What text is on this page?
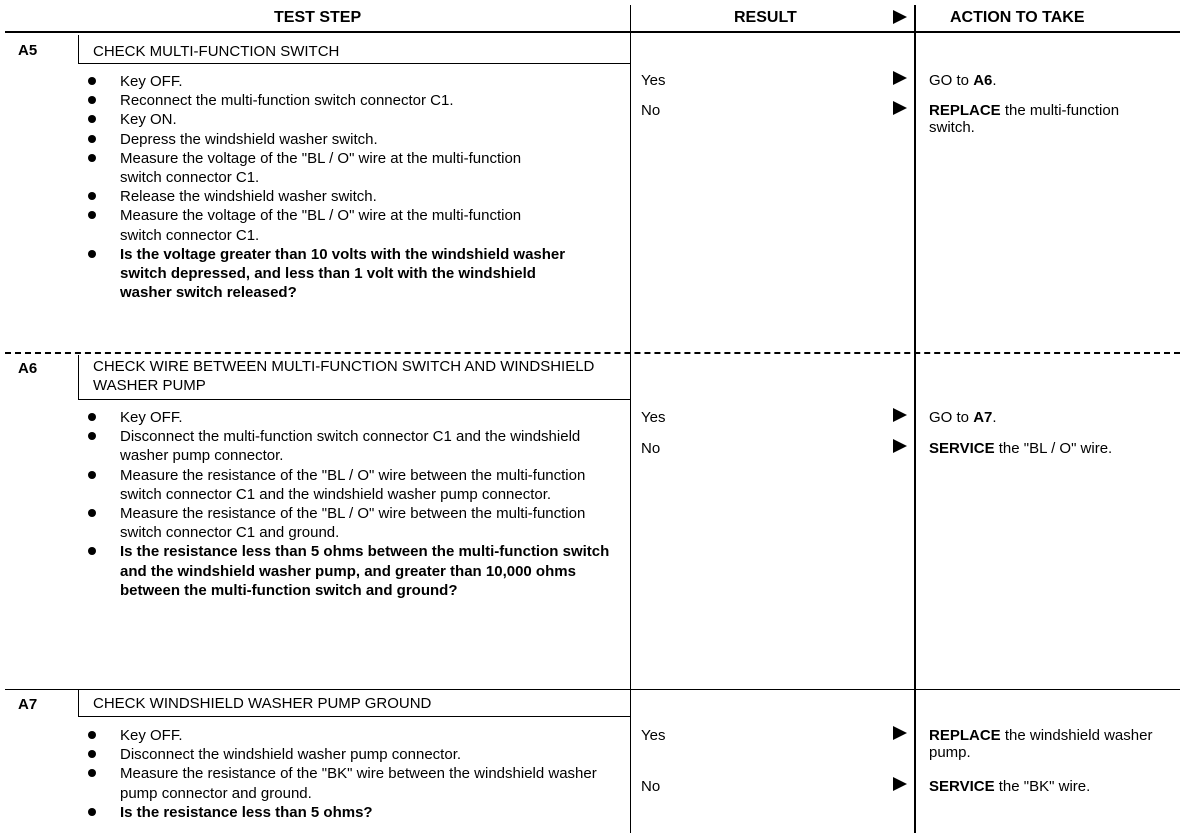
TEST STEP	RESULT	ACTION TO TAKE
A5	CHECK MULTI-FUNCTION SWITCH
Key OFF.
Reconnect the multi-function switch connector C1.
Key ON.
Depress the windshield washer switch.
Measure the voltage of the "BL / O" wire at the multi-function switch connector C1.
Release the windshield washer switch.
Measure the voltage of the "BL / O" wire at the multi-function switch connector C1.
Is the voltage greater than 10 volts with the windshield washer switch depressed, and less than 1 volt with the windshield washer switch released?
Yes	GO to A6.
No	REPLACE the multi-function switch.
A6	CHECK WIRE BETWEEN MULTI-FUNCTION SWITCH AND WINDSHIELD WASHER PUMP
Key OFF.
Disconnect the multi-function switch connector C1 and the windshield washer pump connector.
Measure the resistance of the "BL / O" wire between the multi-function switch connector C1 and the windshield washer pump connector.
Measure the resistance of the "BL / O" wire between the multi-function switch connector C1 and ground.
Is the resistance less than 5 ohms between the multi-function switch and the windshield washer pump, and greater than 10,000 ohms between the multi-function switch and ground?
Yes	GO to A7.
No	SERVICE the "BL / O" wire.
A7	CHECK WINDSHIELD WASHER PUMP GROUND
Key OFF.
Disconnect the windshield washer pump connector.
Measure the resistance of the "BK" wire between the windshield washer pump connector and ground.
Is the resistance less than 5 ohms?
Yes	REPLACE the windshield washer pump.
No	SERVICE the "BK" wire.
